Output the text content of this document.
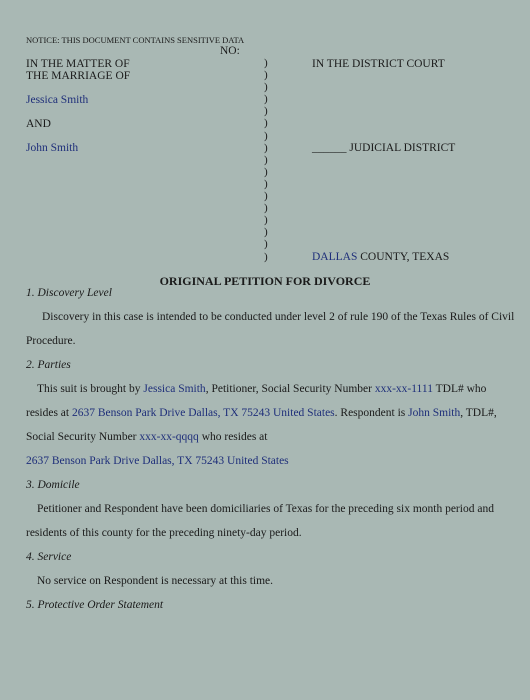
NOTICE: THIS DOCUMENT CONTAINS SENSITIVE DATA
NO:
IN THE MATTER OF
THE MARRIAGE OF
Jessica Smith
AND
John Smith
)
)
)
)
)
)
)
)
)
)
)
)
)
)
)
)
)
IN THE DISTRICT COURT
______ JUDICIAL DISTRICT
DALLAS COUNTY, TEXAS
ORIGINAL PETITION FOR DIVORCE
1. Discovery Level
Discovery in this case is intended to be conducted under level 2 of rule 190 of the Texas Rules of Civil
Procedure.
2. Parties
This suit is brought by Jessica Smith, Petitioner, Social Security Number xxx-xx-1111 TDL# who
resides at 2637 Benson Park Drive Dallas, TX 75243 United States. Respondent is John Smith, TDL#,
Social Security Number xxx-xx-qqqq who resides at
2637 Benson Park Drive Dallas, TX 75243 United States
3. Domicile
Petitioner and Respondent have been domiciliaries of Texas for the preceding six month period and
residents of this county for the preceding ninety-day period.
4. Service
No service on Respondent is necessary at this time.
5. Protective Order Statement
